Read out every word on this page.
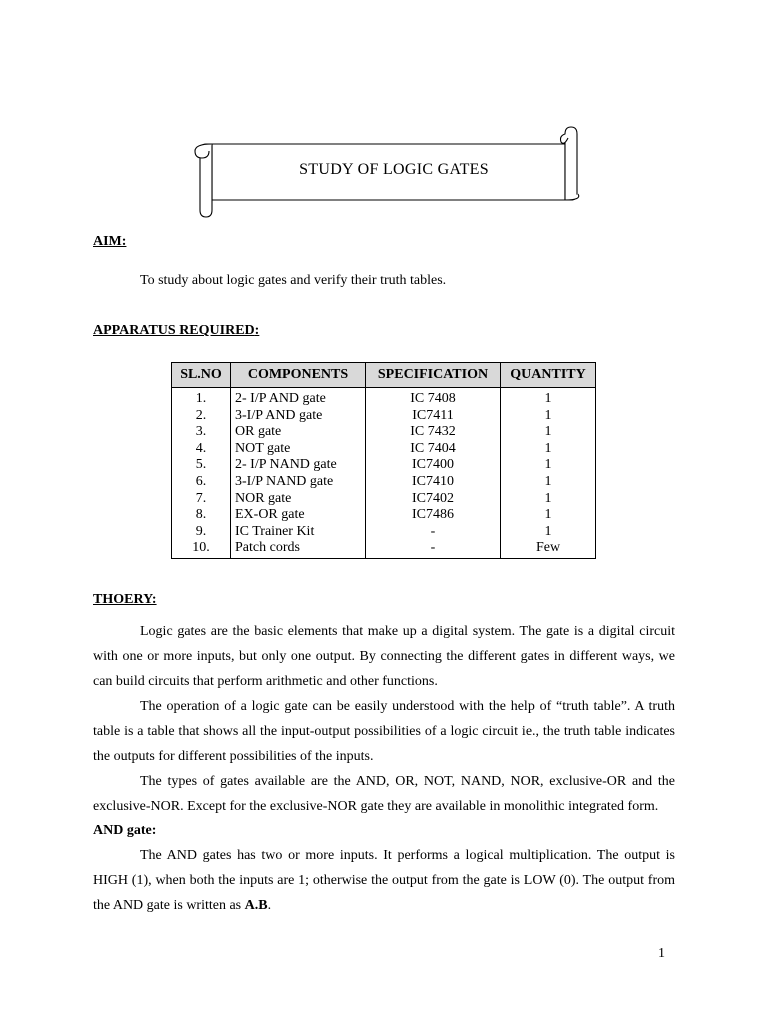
STUDY OF LOGIC GATES
AIM:

To study about logic gates and verify their truth tables.

APPARATUS REQUIRED:
SL.NO	COMPONENTS	SPECIFICATION	QUANTITY
1.	2- I/P AND gate	IC 7408	1
2.	3-I/P AND gate	IC7411	1
3.	OR gate	IC 7432	1
4.	NOT gate	IC 7404	1
5.	2- I/P NAND gate	IC7400	1
6.	3-I/P NAND gate	IC7410	1
7.	NOR gate	IC7402	1
8.	EX-OR gate	IC7486	1
9.	IC Trainer Kit	-	1
10.	Patch cords	-	Few
THOERY:

Logic gates are the basic elements that make up a digital system. The gate is a digital circuit with one or more inputs, but only one output. By connecting the different gates in different ways, we can build circuits that perform arithmetic and other functions.

The operation of a logic gate can be easily understood with the help of “truth table”. A truth table is a table that shows all the input-output possibilities of a logic circuit ie., the truth table indicates the outputs for different possibilities of the inputs.

The types of gates available are the AND, OR, NOT, NAND, NOR, exclusive-OR and the exclusive-NOR. Except for the exclusive-NOR gate they are available in monolithic integrated form.

AND gate:

The AND gates has two or more inputs. It performs a logical multiplication. The output is HIGH (1), when both the inputs are 1; otherwise the output from the gate is LOW (0). The output from the AND gate is written as A.B.

1
